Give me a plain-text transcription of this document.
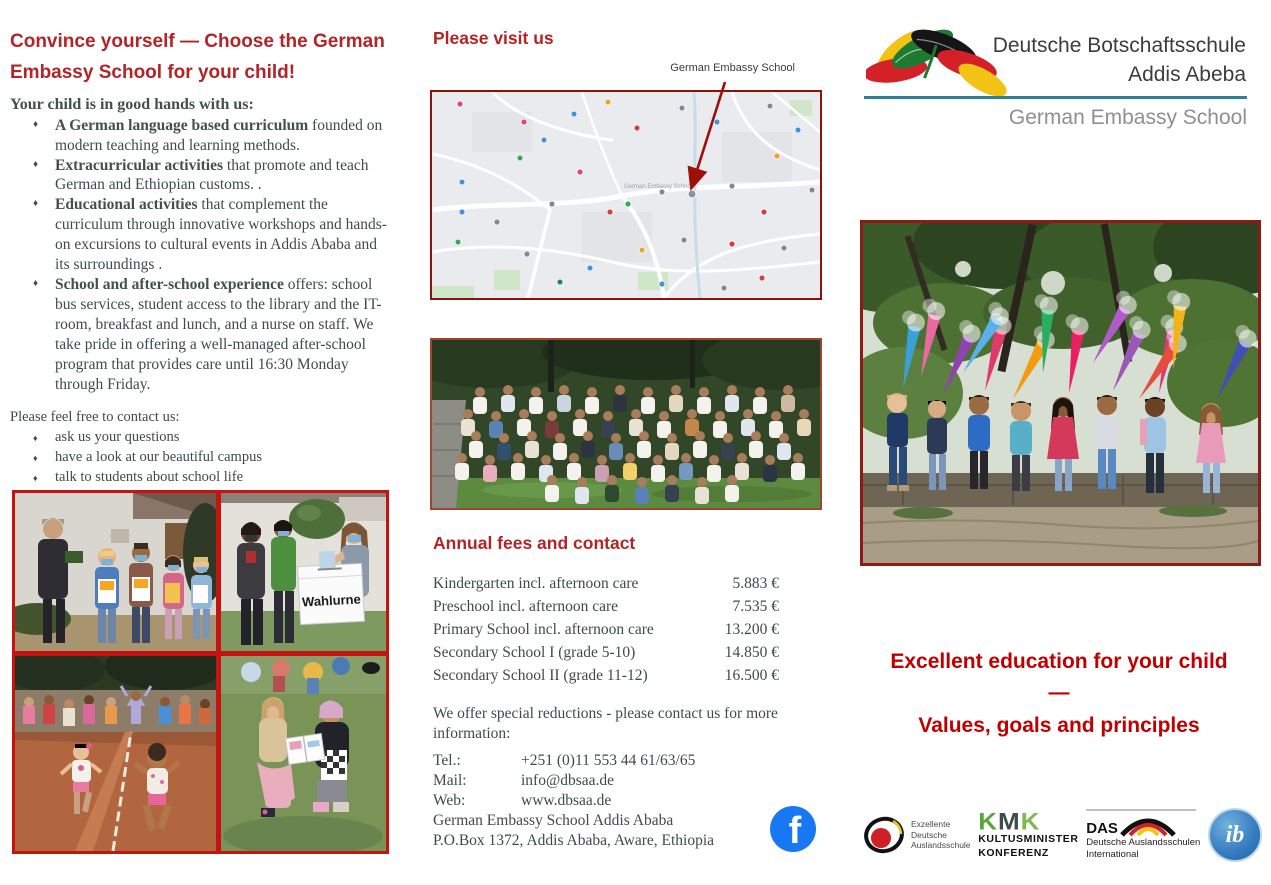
Convince yourself — Choose the German Embassy School for your child!

Your child is in good hands with us:

♦ A German language based curriculum founded on modern teaching and learning methods.
♦ Extracurricular activities that promote and teach German and Ethiopian customs. .
♦ Educational activities that complement the curriculum through innovative workshops and hands-on excursions to cultural events in Addis Ababa and its surroundings .
♦ School and after-school experience offers: school bus services, student access to the library and the IT-room, breakfast and lunch, and a nurse on staff. We take pride in offering a well-managed after-school program that provides care until 16:30 Monday through Friday.

Please feel free to contact us:

♦ ask us your questions
♦ have a look at our beautiful campus
♦ talk to students about school life
Wahlurne
Please visit us
German Embassy School
German Embassy School
Annual fees and contact
Kindergarten incl. afternoon care	5.883 €
Preschool incl. afternoon care	7.535 €
Primary School incl. afternoon care	13.200 €
Secondary School I (grade 5-10)	14.850 €
Secondary School II (grade 11-12)	16.500 €

We offer special reductions - please contact us for more information:

Tel.:	+251 (0)11 553 44 61/63/65
Mail:	info@dbsaa.de
Web:	www.dbsaa.de
German Embassy School Addis Ababa
P.O.Box 1372, Addis Ababa, Aware, Ethiopia	f
Deutsche Botschaftsschule
Addis Abeba
German Embassy School
Excellent education for your child
—
Values, goals and principles
Exzellente
Deutsche
Auslandsschule
KMK
KULTUSMINISTER
KONFERENZ
DAS
Deutsche Auslandsschulen
International
ib
